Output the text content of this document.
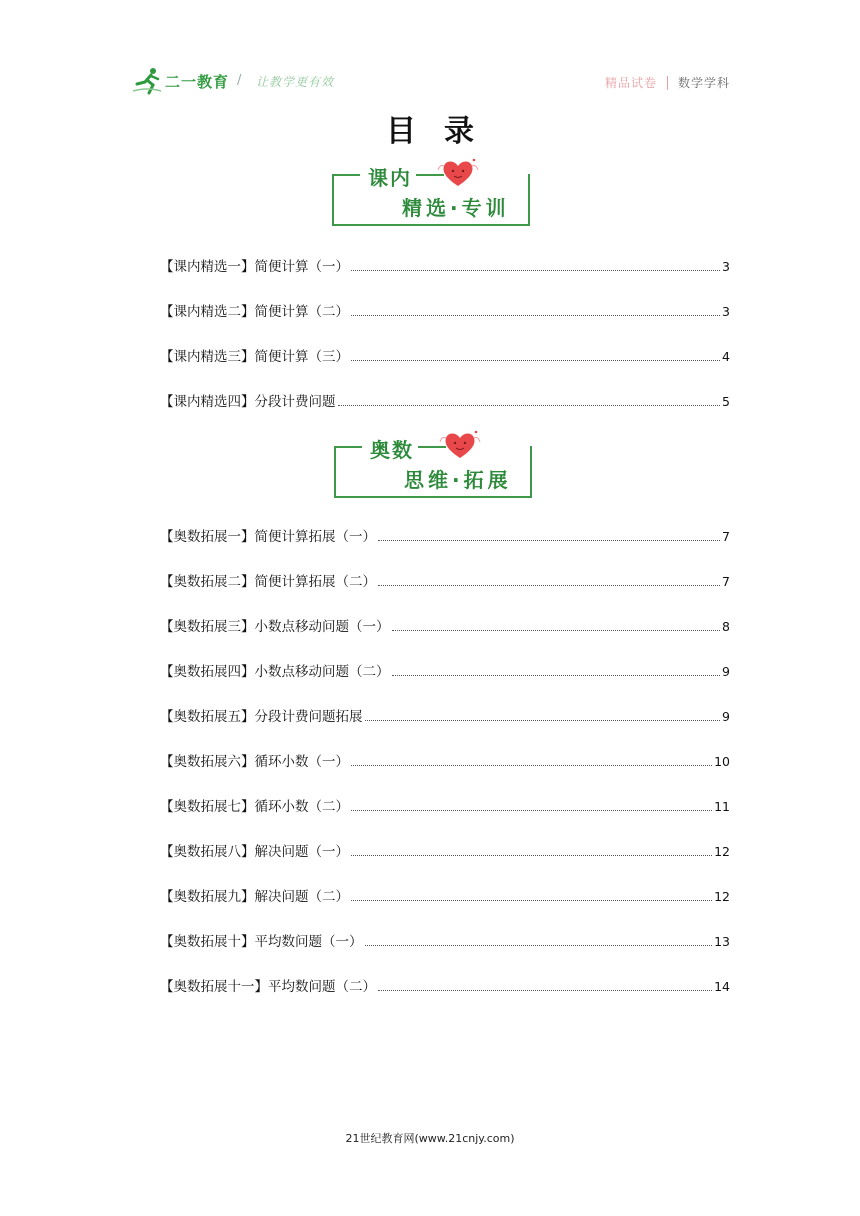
二一教育 / 让教学更有效	精品试卷 数学学科
目录
课内
精选·专训
【课内精选一】简便计算（一）	3
【课内精选二】简便计算（二）	3
【课内精选三】简便计算（三）	4
【课内精选四】分段计费问题	5
奥数
思维·拓展
【奥数拓展一】简便计算拓展（一）	7
【奥数拓展二】简便计算拓展（二）	7
【奥数拓展三】小数点移动问题（一）	8
【奥数拓展四】小数点移动问题（二）	9
【奥数拓展五】分段计费问题拓展	9
【奥数拓展六】循环小数（一）	10
【奥数拓展七】循环小数（二）	11
【奥数拓展八】解决问题（一）	12
【奥数拓展九】解决问题（二）	12
【奥数拓展十】平均数问题（一）	13
【奥数拓展十一】平均数问题（二）	14
21世纪教育网(www.21cnjy.com)
